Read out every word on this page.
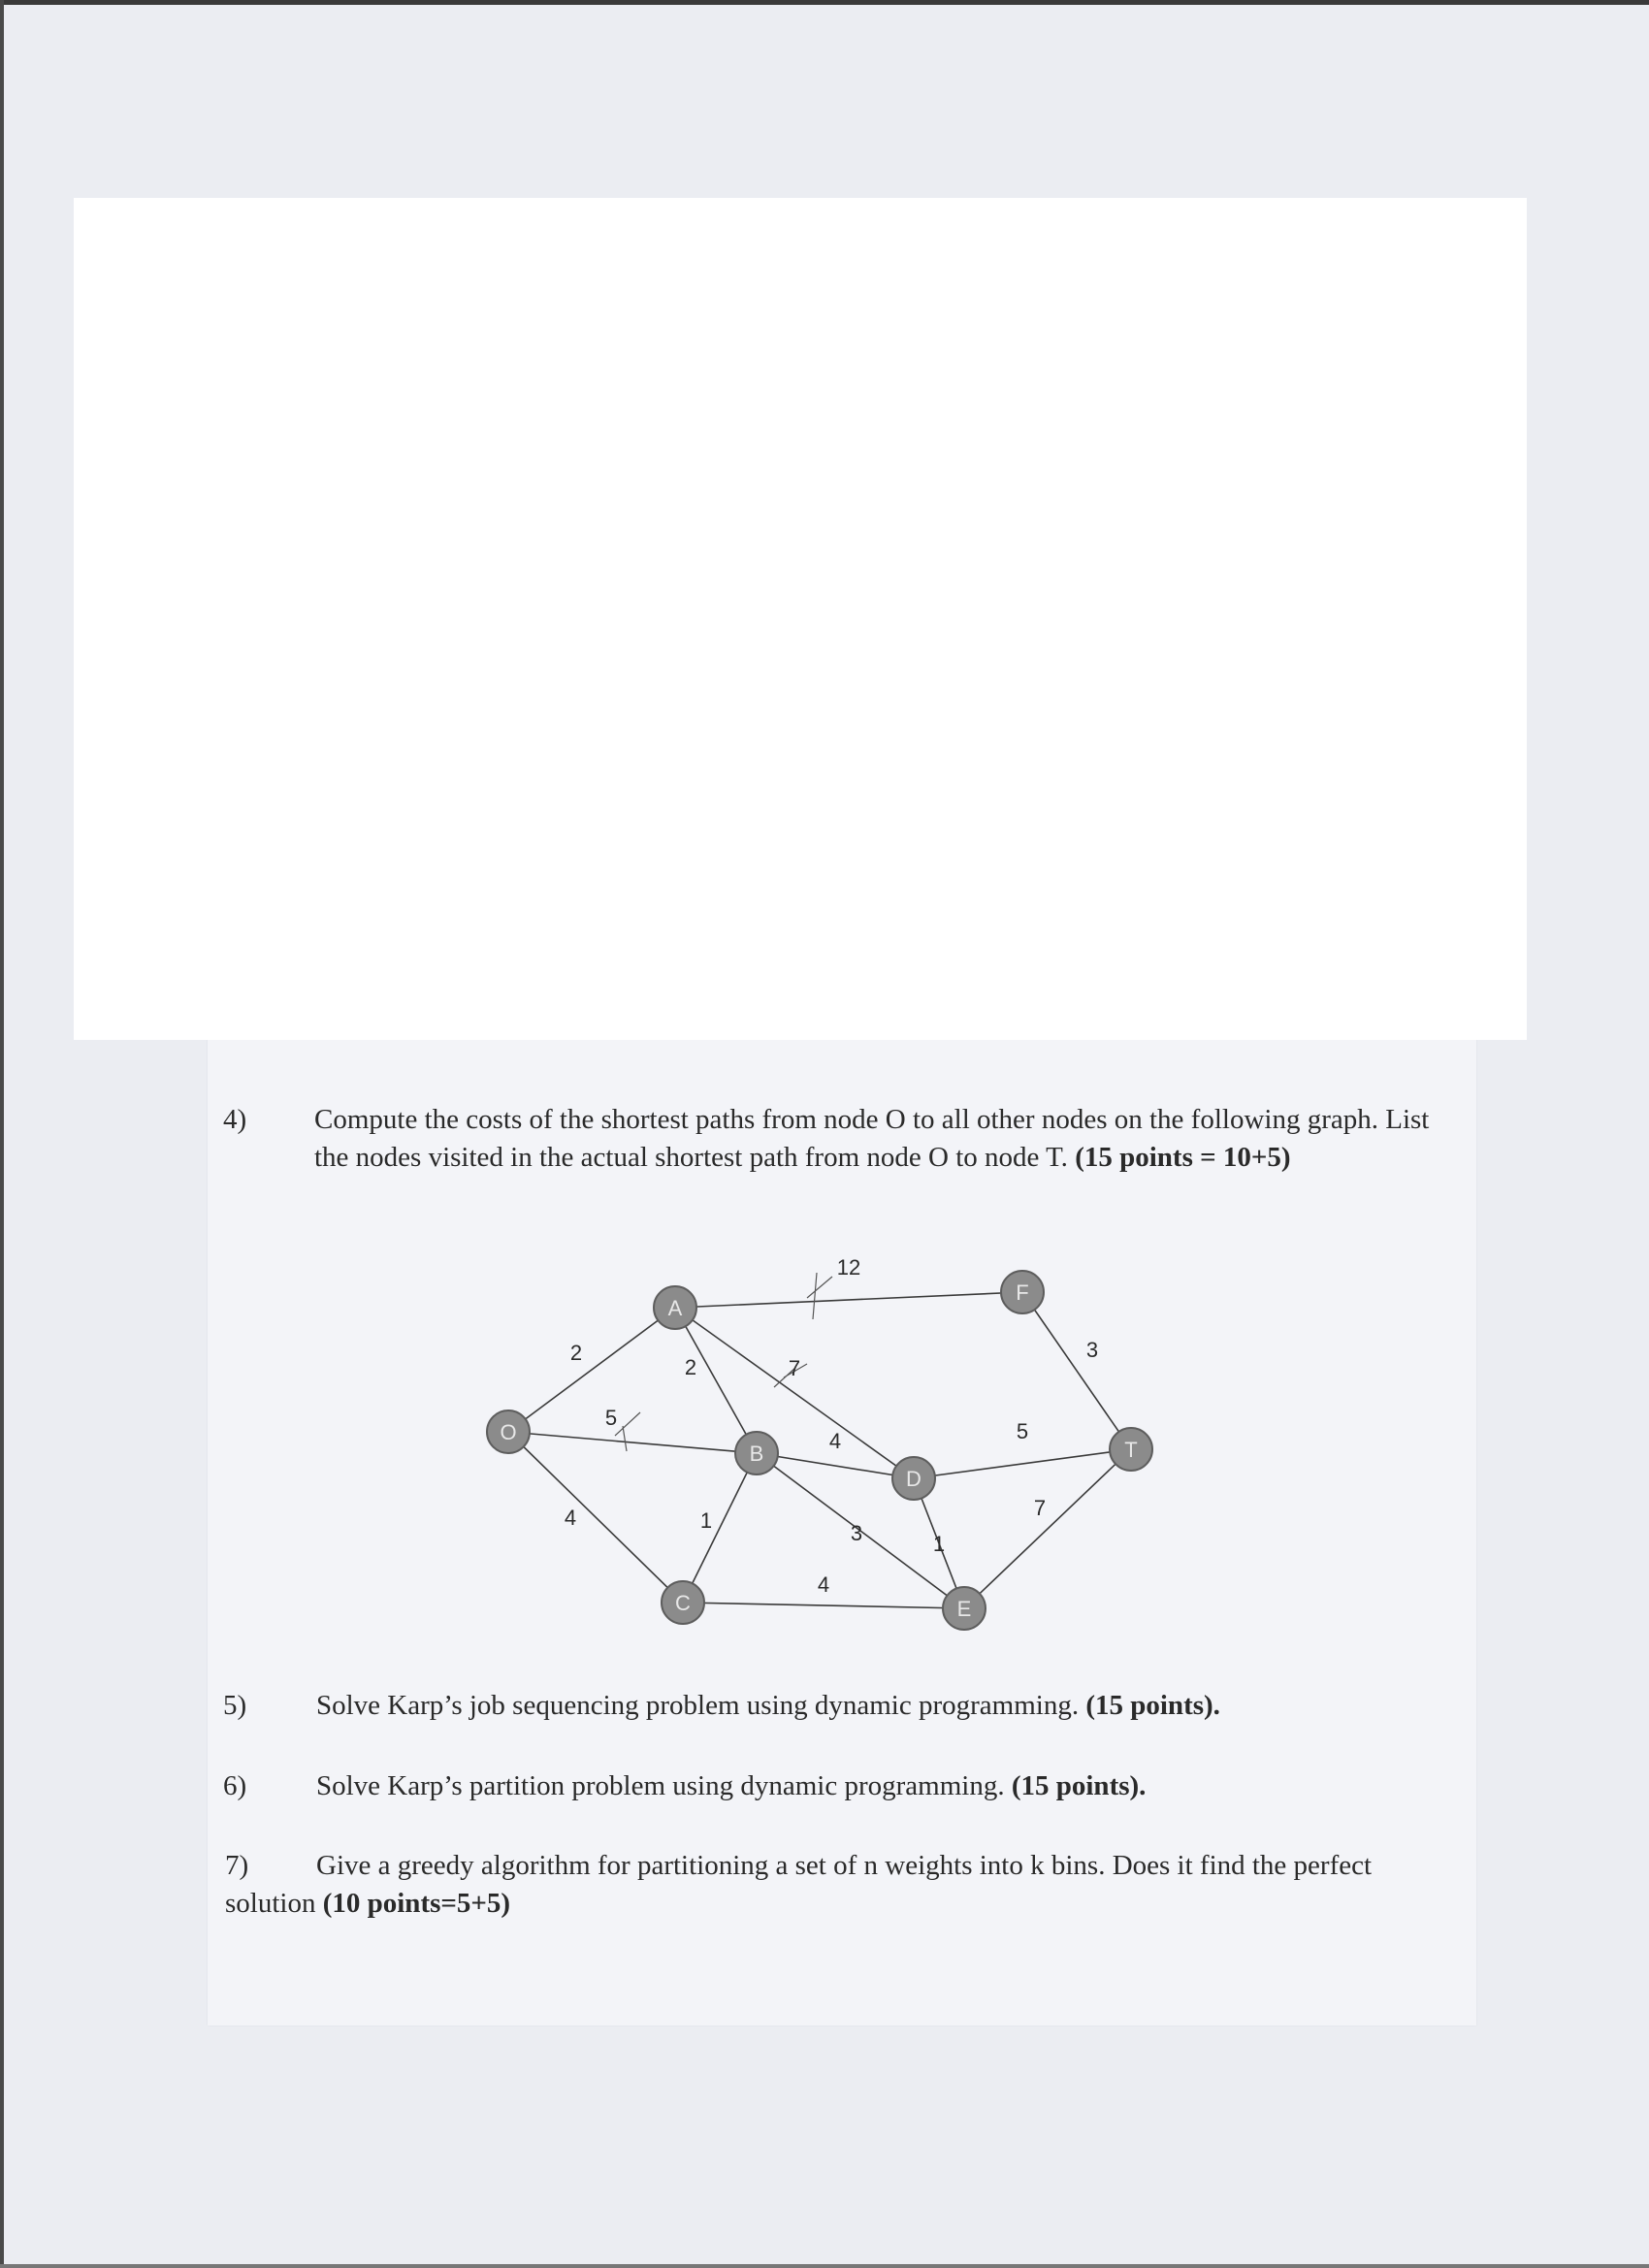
4) Compute the costs of the shortest paths from node O to all other nodes on the following graph. List the nodes visited in the actual shortest path from node O to node T. (15 points = 10+5)
2
5
4
2	7
12
1
4
3
4
1
5
7
3
O
A
B
C
D
E
F
T
5) Solve Karp’s job sequencing problem using dynamic programming. (15 points).
6) Solve Karp’s partition problem using dynamic programming. (15 points).
7) Give a greedy algorithm for partitioning a set of n weights into k bins. Does it find the perfect solution (10 points=5+5)
